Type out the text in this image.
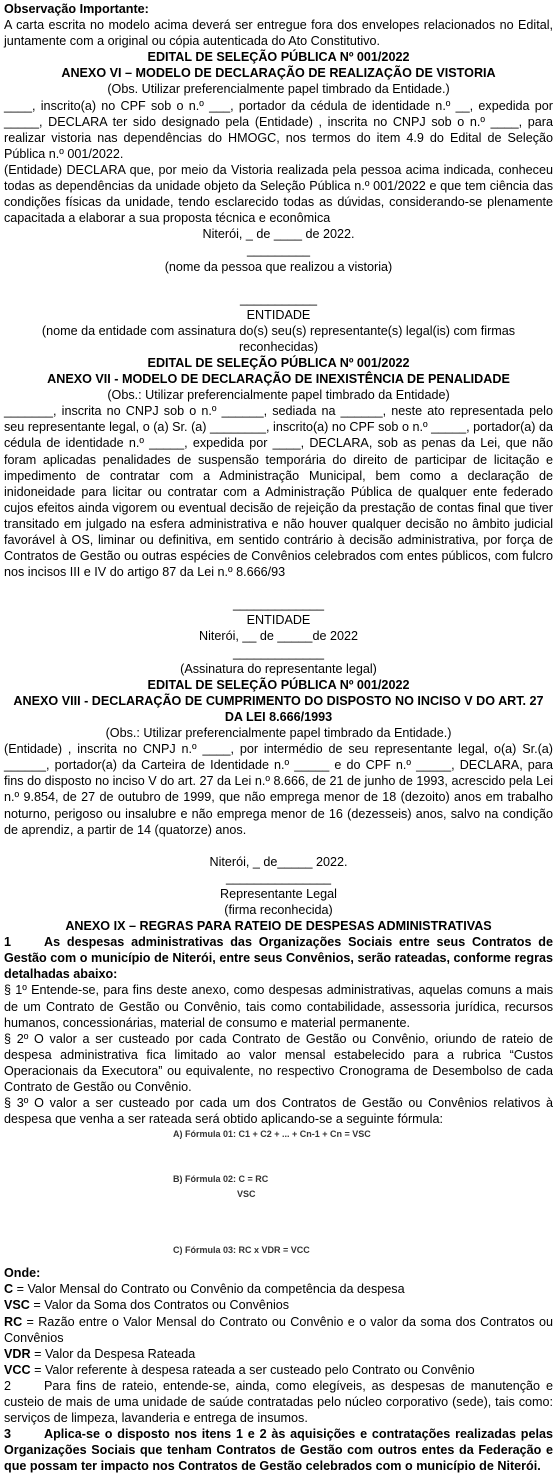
Observação Importante:
A carta escrita no modelo acima deverá ser entregue fora dos envelopes relacionados no Edital, juntamente com a original ou cópia autenticada do Ato Constitutivo.
EDITAL DE SELEÇÃO PÚBLICA Nº 001/2022
ANEXO VI – MODELO DE DECLARAÇÃO DE REALIZAÇÃO DE VISTORIA
(Obs. Utilizar preferencialmente papel timbrado da Entidade.)
____, inscrito(a) no CPF sob o n.º ___, portador da cédula de identidade n.º __, expedida por _____, DECLARA ter sido designado pela (Entidade) , inscrita no CNPJ sob o n.º ____, para realizar vistoria nas dependências do HMOGC, nos termos do item 4.9 do Edital de Seleção Pública n.º 001/2022.
(Entidade) DECLARA que, por meio da Vistoria realizada pela pessoa acima indicada, conheceu todas as dependências da unidade objeto da Seleção Pública n.º 001/2022 e que tem ciência das condições físicas da unidade, tendo esclarecido todas as dúvidas, considerando-se plenamente capacitada a elaborar a sua proposta técnica e econômica
Niterói, _ de ____ de 2022.
_________
(nome da pessoa que realizou a vistoria)
___________
ENTIDADE
(nome da entidade com assinatura do(s) seu(s) representante(s) legal(is) com firmas reconhecidas)
EDITAL DE SELEÇÃO PÚBLICA Nº 001/2022
ANEXO VII - MODELO DE DECLARAÇÃO DE INEXISTÊNCIA DE PENALIDADE
(Obs.: Utilizar preferencialmente papel timbrado da Entidade)
_______, inscrita no CNPJ sob o n.º ______, sediada na ______, neste ato representada pelo seu representante legal, o (a) Sr. (a) ________, inscrito(a) no CPF sob o n.º _____, portador(a) da cédula de identidade n.º _____, expedida por ____, DECLARA, sob as penas da Lei, que não foram aplicadas penalidades de suspensão temporária do direito de participar de licitação e impedimento de contratar com a Administração Municipal, bem como a declaração de inidoneidade para licitar ou contratar com a Administração Pública de qualquer ente federado cujos efeitos ainda vigorem ou eventual decisão de rejeição da prestação de contas final que tiver transitado em julgado na esfera administrativa e não houver qualquer decisão no âmbito judicial favorável à OS, liminar ou definitiva, em sentido contrário à decisão administrativa, por força de Contratos de Gestão ou outras espécies de Convênios celebrados com entes públicos, com fulcro nos incisos III e IV do artigo 87 da Lei n.º 8.666/93
_____________
ENTIDADE
Niterói, __ de _____de 2022
_____________
(Assinatura do representante legal)
EDITAL DE SELEÇÃO PÚBLICA Nº 001/2022
ANEXO VIII - DECLARAÇÃO DE CUMPRIMENTO DO DISPOSTO NO INCISO V DO ART. 27 DA LEI 8.666/1993
(Obs.: Utilizar preferencialmente papel timbrado da Entidade.)
(Entidade) , inscrita no CNPJ n.º ____, por intermédio de seu representante legal, o(a) Sr.(a) ______, portador(a) da Carteira de Identidade n.º _____ e do CPF n.º _____, DECLARA, para fins do disposto no inciso V do art. 27 da Lei n.º 8.666, de 21 de junho de 1993, acrescido pela Lei n.º 9.854, de 27 de outubro de 1999, que não emprega menor de 18 (dezoito) anos em trabalho noturno, perigoso ou insalubre e não emprega menor de 16 (dezesseis) anos, salvo na condição de aprendiz, a partir de 14 (quatorze) anos.
Niterói, _ de_____ 2022.
_______________
Representante Legal
(firma reconhecida)
ANEXO IX – REGRAS PARA RATEIO DE DESPESAS ADMINISTRATIVAS
1	As despesas administrativas das Organizações Sociais entre seus Contratos de Gestão com o município de Niterói, entre seus Convênios, serão rateadas, conforme regras detalhadas abaixo:
§ 1º Entende-se, para fins deste anexo, como despesas administrativas, aquelas comuns a mais de um Contrato de Gestão ou Convênio, tais como contabilidade, assessoria jurídica, recursos humanos, concessionárias, material de consumo e material permanente.
§ 2º O valor a ser custeado por cada Contrato de Gestão ou Convênio, oriundo de rateio de despesa administrativa fica limitado ao valor mensal estabelecido para a rubrica “Custos Operacionais da Executora” ou equivalente, no respectivo Cronograma de Desembolso de cada Contrato de Gestão ou Convênio.
§ 3º O valor a ser custeado por cada um dos Contratos de Gestão ou Convênios relativos à despesa que venha a ser rateada será obtido aplicando-se a seguinte fórmula:
A) Fórmula 01: C1 + C2 + ... + Cn-1 + Cn = VSC
B) Fórmula 02: C = RC
VSC
C) Fórmula 03: RC x VDR = VCC
Onde:
C = Valor Mensal do Contrato ou Convênio da competência da despesa
VSC = Valor da Soma dos Contratos ou Convênios
RC = Razão entre o Valor Mensal do Contrato ou Convênio e o valor da soma dos Contratos ou Convênios
VDR = Valor da Despesa Rateada
VCC = Valor referente à despesa rateada a ser custeado pelo Contrato ou Convênio
2	Para fins de rateio, entende-se, ainda, como elegíveis, as despesas de manutenção e custeio de mais de uma unidade de saúde contratadas pelo núcleo corporativo (sede), tais como: serviços de limpeza, lavanderia e entrega de insumos.
3	Aplica-se o disposto nos itens 1 e 2 às aquisições e contratações realizadas pelas Organizações Sociais que tenham Contratos de Gestão com outros entes da Federação e que possam ter impacto nos Contratos de Gestão celebrados com o município de Niterói.
